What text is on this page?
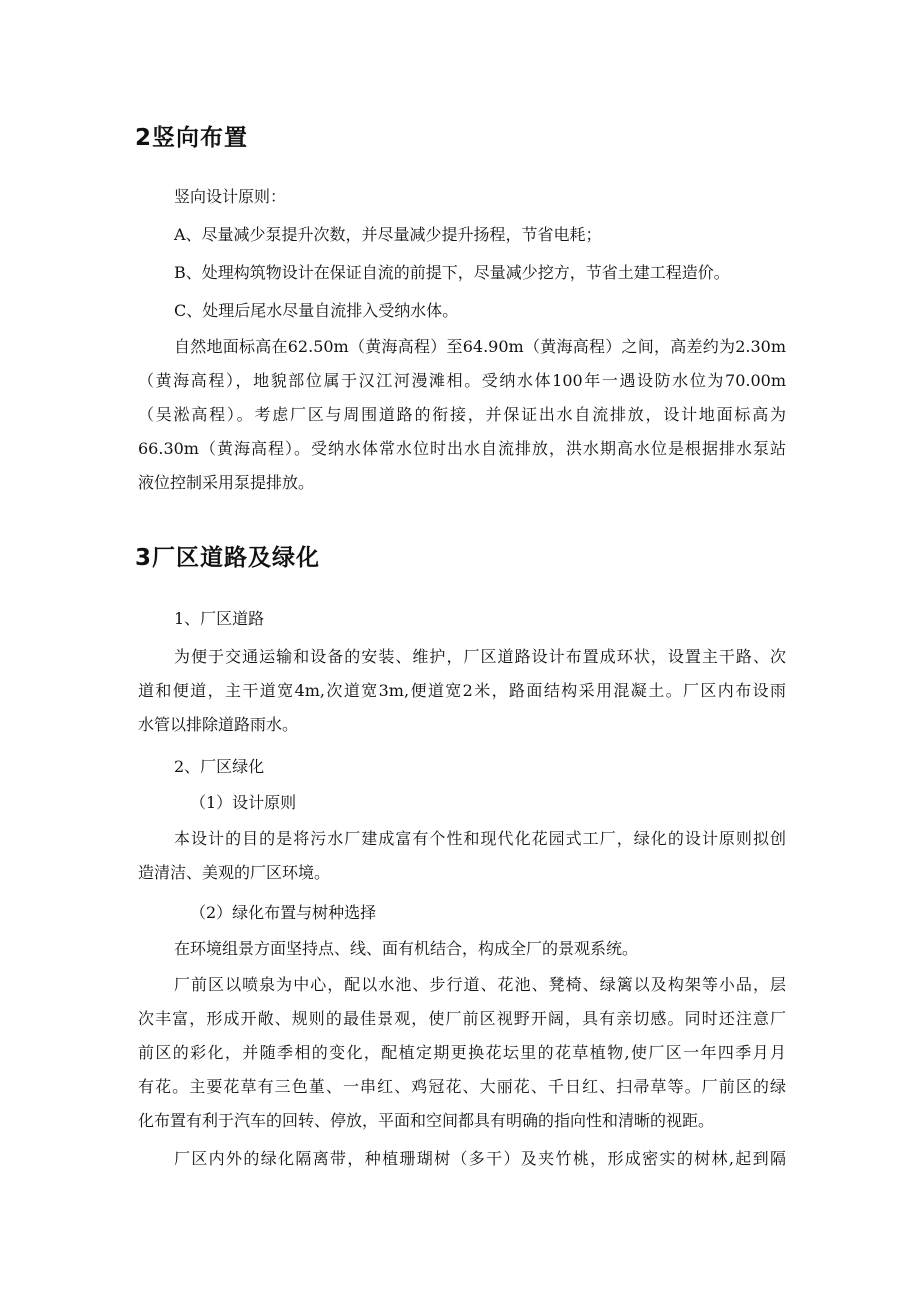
2竖向布置

竖向设计原则：

A、尽量减少泵提升次数，并尽量减少提升扬程，节省电耗；

B、处理构筑物设计在保证自流的前提下，尽量减少挖方，节省土建工程造价。

C、处理后尾水尽量自流排入受纳水体。

自然地面标高在62.50m（黄海高程）至64.90m（黄海高程）之间，高差约为2.30m
（黄海高程），地貌部位属于汉江河漫滩相。受纳水体100年一遇设防水位为70.00m
（吴淞高程）。考虑厂区与周围道路的衔接，并保证出水自流排放，设计地面标高为
66.30m（黄海高程）。受纳水体常水位时出水自流排放，洪水期高水位是根据排水泵站
液位控制采用泵提排放。
3厂区道路及绿化

1、厂区道路

为便于交通运输和设备的安装、维护，厂区道路设计布置成环状，设置主干路、次
道和便道，主干道宽4m,次道宽3m,便道宽2米，路面结构采用混凝土。厂区内布设雨
水管以排除道路雨水。

2、厂区绿化

（1）设计原则

本设计的目的是将污水厂建成富有个性和现代化花园式工厂，绿化的设计原则拟创
造清洁、美观的厂区环境。

（2）绿化布置与树种选择

在环境组景方面坚持点、线、面有机结合，构成全厂的景观系统。

厂前区以喷泉为中心，配以水池、步行道、花池、凳椅、绿篱以及构架等小品，层
次丰富，形成开敞、规则的最佳景观，使厂前区视野开阔，具有亲切感。同时还注意厂
前区的彩化，并随季相的变化，配植定期更换花坛里的花草植物,使厂区一年四季月月
有花。主要花草有三色堇、一串红、鸡冠花、大丽花、千日红、扫帚草等。厂前区的绿
化布置有利于汽车的回转、停放，平面和空间都具有明确的指向性和清晰的视距。
厂区内外的绿化隔离带，种植珊瑚树（多干）及夹竹桃，形成密实的树林,起到隔
